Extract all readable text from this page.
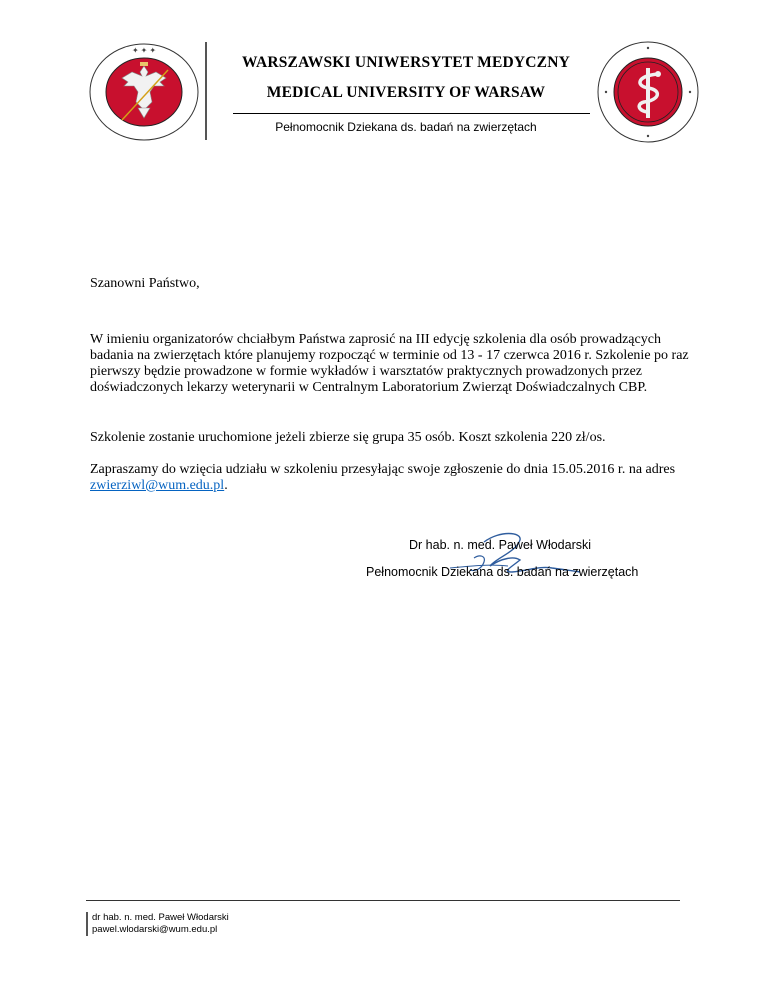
✦ ✦ ✦
WARSZAWSKI UNIWERSYTET MEDYCZNY
MEDICAL UNIVERSITY OF WARSAW
Pełnomocnik Dziekana ds. badań na zwierzętach
Szanowni Państwo,
W imieniu organizatorów chciałbym Państwa zaprosić na III edycję szkolenia dla osób prowadzących badania na zwierzętach które planujemy rozpocząć w terminie od 13 - 17 czerwca 2016 r. Szkolenie po raz pierwszy będzie prowadzone w formie wykładów i warsztatów praktycznych prowadzonych przez doświadczonych lekarzy weterynarii w Centralnym Laboratorium Zwierząt Doświadczalnych CBP.
Szkolenie zostanie uruchomione jeżeli zbierze się grupa 35 osób. Koszt szkolenia 220 zł/os.
Zapraszamy do wzięcia udziału w szkoleniu przesyłając swoje zgłoszenie do dnia 15.05.2016 r. na adres zwierziwl@wum.edu.pl.
Dr hab. n. med. Paweł Włodarski
Pełnomocnik Dziekana ds. badań na zwierzętach
dr hab. n. med. Paweł Włodarski
pawel.wlodarski@wum.edu.pl
